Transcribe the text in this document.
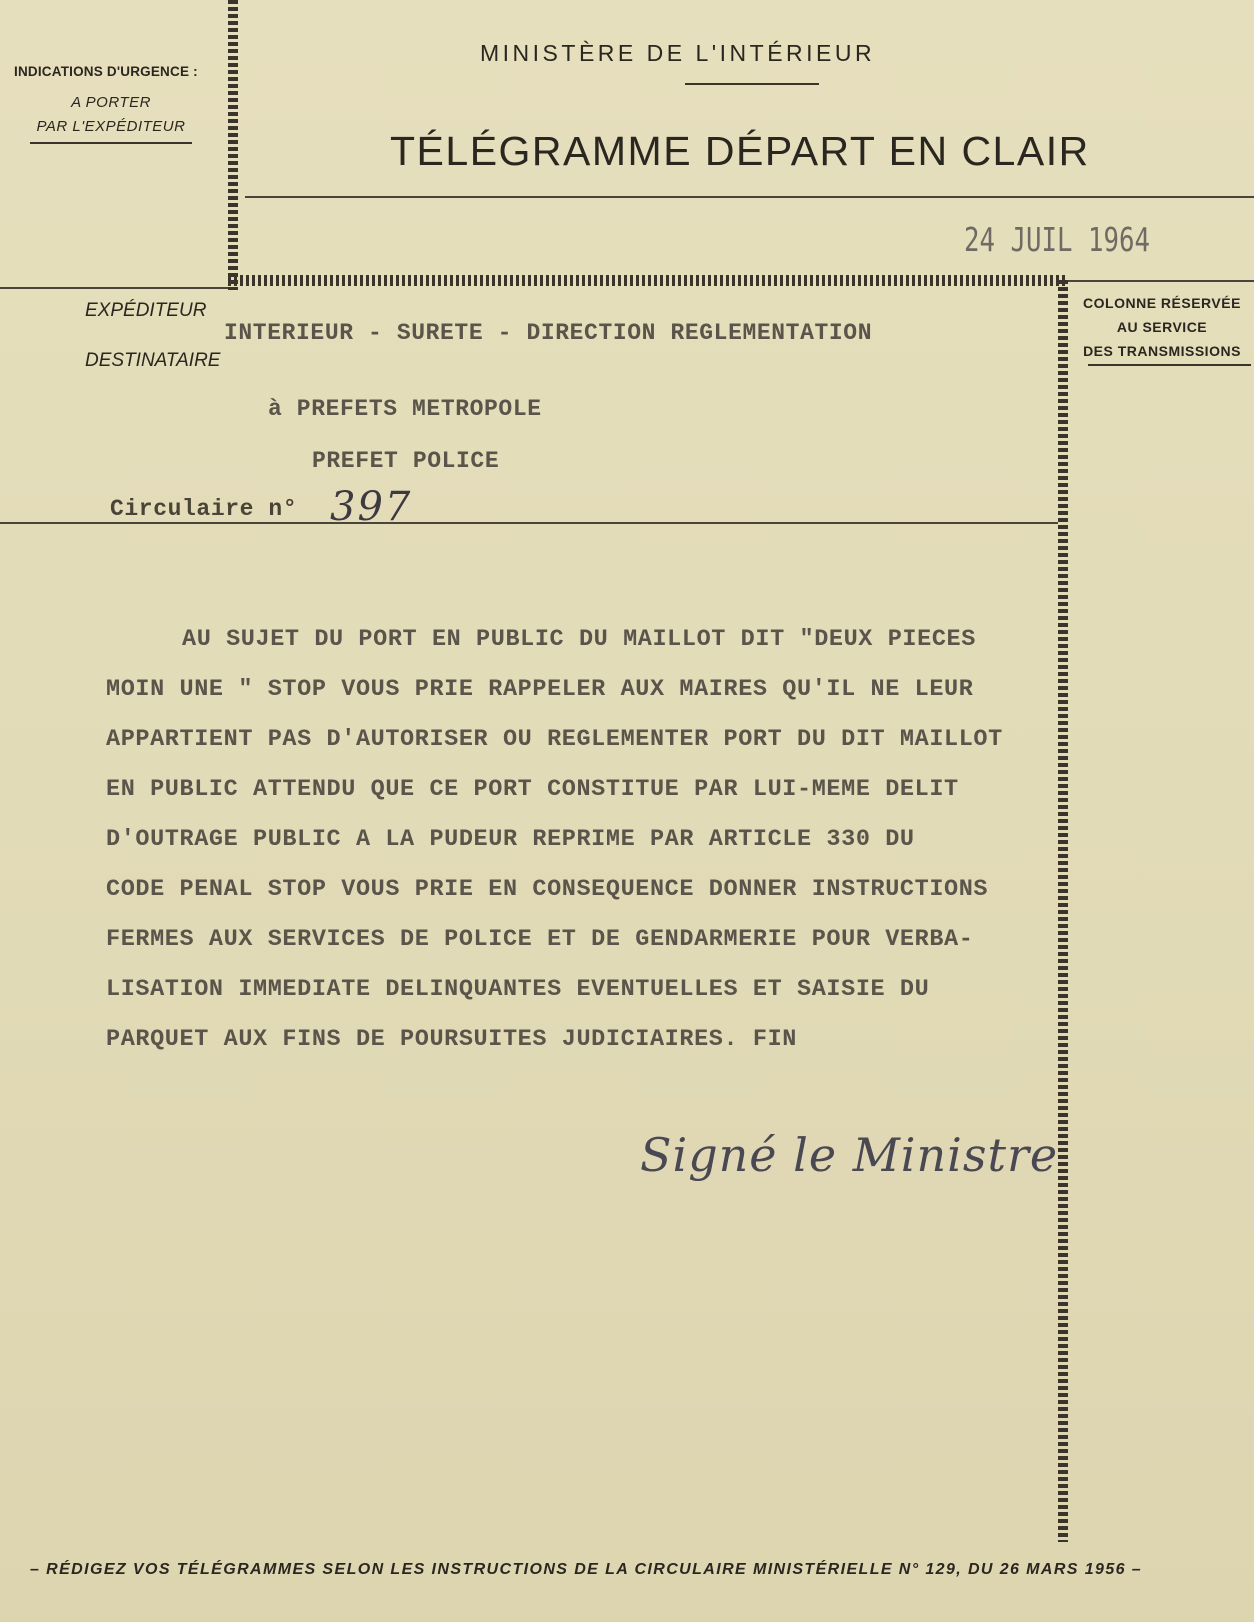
INDICATIONS D'URGENCE :
A PORTER
PAR L'EXPÉDITEUR
MINISTÈRE DE L'INTÉRIEUR
TÉLÉGRAMME DÉPART EN CLAIR
24 JUIL 1964
COLONNE RÉSERVÉE
AU SERVICE
DES TRANSMISSIONS
EXPÉDITEUR
DESTINATAIRE
INTERIEUR - SURETE - DIRECTION REGLEMENTATION
à PREFETS METROPOLE
PREFET POLICE
Circulaire n° 397
AU SUJET DU PORT EN PUBLIC DU MAILLOT DIT "DEUX PIECES
MOIN UNE " STOP VOUS PRIE RAPPELER AUX MAIRES QU'IL NE LEUR
APPARTIENT PAS D'AUTORISER OU REGLEMENTER PORT DU DIT MAILLOT
EN PUBLIC ATTENDU QUE CE PORT CONSTITUE PAR LUI-MEME DELIT
D'OUTRAGE PUBLIC A LA PUDEUR REPRIME PAR ARTICLE 330 DU
CODE PENAL STOP VOUS PRIE EN CONSEQUENCE DONNER INSTRUCTIONS
FERMES AUX SERVICES DE POLICE ET DE GENDARMERIE POUR VERBA-
LISATION IMMEDIATE DELINQUANTES EVENTUELLES ET SAISIE DU
PARQUET AUX FINS DE POURSUITES JUDICIAIRES. FIN
Signé le Ministre
– RÉDIGEZ VOS TÉLÉGRAMMES SELON LES INSTRUCTIONS DE LA CIRCULAIRE MINISTÉRIELLE N° 129, DU 26 MARS 1956 –
